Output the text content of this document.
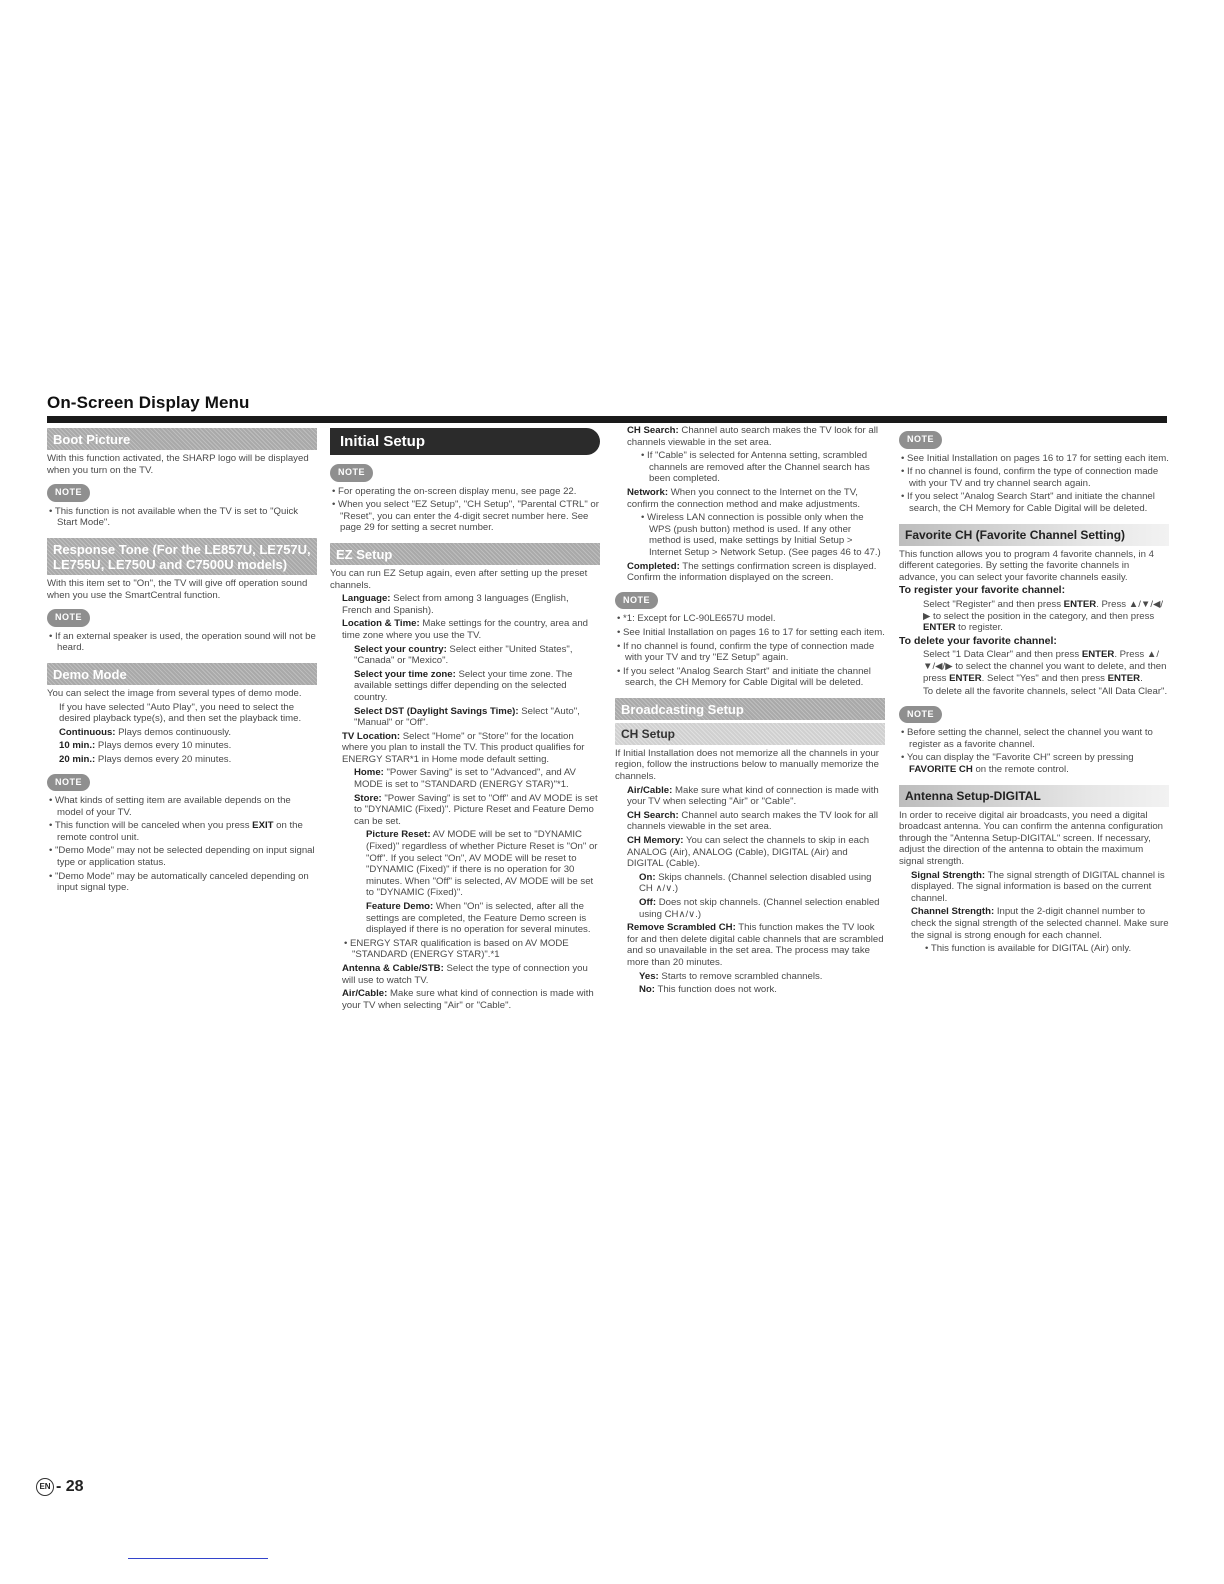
On-Screen Display Menu
Boot Picture

With this function activated, the SHARP logo will be displayed when you turn on the TV.

NOTE

• This function is not available when the TV is set to "Quick Start Mode".

Response Tone (For the LE857U, LE757U, LE755U, LE750U and C7500U models)

With this item set to "On", the TV will give off operation sound when you use the SmartCentral function.

NOTE

• If an external speaker is used, the operation sound will not be heard.

Demo Mode

You can select the image from several types of demo mode.

If you have selected "Auto Play", you need to select the desired playback type(s), and then set the playback time.

Continuous: Plays demos continuously.

10 min.: Plays demos every 10 minutes.

20 min.: Plays demos every 20 minutes.

NOTE

• What kinds of setting item are available depends on the model of your TV.

• This function will be canceled when you press EXIT on the remote control unit.

• "Demo Mode" may not be selected depending on input signal type or application status.

• "Demo Mode" may be automatically canceled depending on input signal type.

Initial Setup
NOTE

• For operating the on-screen display menu, see page 22.

• When you select "EZ Setup", "CH Setup", "Parental CTRL" or "Reset", you can enter the 4-digit secret number here. See page 29 for setting a secret number.

EZ Setup

You can run EZ Setup again, even after setting up the preset channels.

Language: Select from among 3 languages (English, French and Spanish).

Location & Time: Make settings for the country, area and time zone where you use the TV.

Select your country: Select either "United States", "Canada" or "Mexico".

Select your time zone: Select your time zone. The available settings differ depending on the selected country.

Select DST (Daylight Savings Time): Select "Auto", "Manual" or "Off".

TV Location: Select "Home" or "Store" for the location where you plan to install the TV. This product qualifies for ENERGY STAR*1 in Home mode default setting.

Home: "Power Saving" is set to "Advanced", and AV MODE is set to "STANDARD (ENERGY STAR)"*1.

Store: "Power Saving" is set to "Off" and AV MODE is set to "DYNAMIC (Fixed)". Picture Reset and Feature Demo can be set.

Picture Reset: AV MODE will be set to "DYNAMIC (Fixed)" regardless of whether Picture Reset is "On" or "Off". If you select "On", AV MODE will be reset to "DYNAMIC (Fixed)" if there is no operation for 30 minutes. When "Off" is selected, AV MODE will be set to "DYNAMIC (Fixed)".

Feature Demo: When "On" is selected, after all the settings are completed, the Feature Demo screen is displayed if there is no operation for several minutes.

• ENERGY STAR qualification is based on AV MODE "STANDARD (ENERGY STAR)".*1

Antenna & Cable/STB: Select the type of connection you will use to watch TV.

Air/Cable: Make sure what kind of connection is made with your TV when selecting "Air" or "Cable".

CH Search: Channel auto search makes the TV look for all channels viewable in the set area.

• If "Cable" is selected for Antenna setting, scrambled channels are removed after the Channel search has been completed.

Network: When you connect to the Internet on the TV, confirm the connection method and make adjustments.

• Wireless LAN connection is possible only when the WPS (push button) method is used. If any other method is used, make settings by Initial Setup > Internet Setup > Network Setup. (See pages 46 to 47.)

Completed: The settings confirmation screen is displayed. Confirm the information displayed on the screen.

NOTE

• *1: Except for LC-90LE657U model.

• See Initial Installation on pages 16 to 17 for setting each item.

• If no channel is found, confirm the type of connection made with your TV and try "EZ Setup" again.

• If you select "Analog Search Start" and initiate the channel search, the CH Memory for Cable Digital will be deleted.

Broadcasting Setup
CH Setup

If Initial Installation does not memorize all the channels in your region, follow the instructions below to manually memorize the channels.

Air/Cable: Make sure what kind of connection is made with your TV when selecting "Air" or "Cable".

CH Search: Channel auto search makes the TV look for all channels viewable in the set area.

CH Memory: You can select the channels to skip in each ANALOG (Air), ANALOG (Cable), DIGITAL (Air) and DIGITAL (Cable).

On: Skips channels. (Channel selection disabled using CH ∧/∨.)

Off: Does not skip channels. (Channel selection enabled using CH∧/∨.)

Remove Scrambled CH: This function makes the TV look for and then delete digital cable channels that are scrambled and so unavailable in the set area. The process may take more than 20 minutes.

Yes: Starts to remove scrambled channels.

No: This function does not work.

NOTE

• See Initial Installation on pages 16 to 17 for setting each item.

• If no channel is found, confirm the type of connection made with your TV and try channel search again.

• If you select "Analog Search Start" and initiate the channel search, the CH Memory for Cable Digital will be deleted.

Favorite CH (Favorite Channel Setting)

This function allows you to program 4 favorite channels, in 4 different categories. By setting the favorite channels in advance, you can select your favorite channels easily.

To register your favorite channel:

Select "Register" and then press ENTER. Press ▲/▼/◀/▶ to select the position in the category, and then press ENTER to register.

To delete your favorite channel:

Select "1 Data Clear" and then press ENTER. Press ▲/▼/◀/▶ to select the channel you want to delete, and then press ENTER. Select "Yes" and then press ENTER.

To delete all the favorite channels, select "All Data Clear".

NOTE

• Before setting the channel, select the channel you want to register as a favorite channel.

• You can display the "Favorite CH" screen by pressing FAVORITE CH on the remote control.

Antenna Setup-DIGITAL

In order to receive digital air broadcasts, you need a digital broadcast antenna. You can confirm the antenna configuration through the "Antenna Setup-DIGITAL" screen. If necessary, adjust the direction of the antenna to obtain the maximum signal strength.

Signal Strength: The signal strength of DIGITAL channel is displayed. The signal information is based on the current channel.

Channel Strength: Input the 2-digit channel number to check the signal strength of the selected channel. Make sure the signal is strong enough for each channel.

• This function is available for DIGITAL (Air) only.

EN - 28
